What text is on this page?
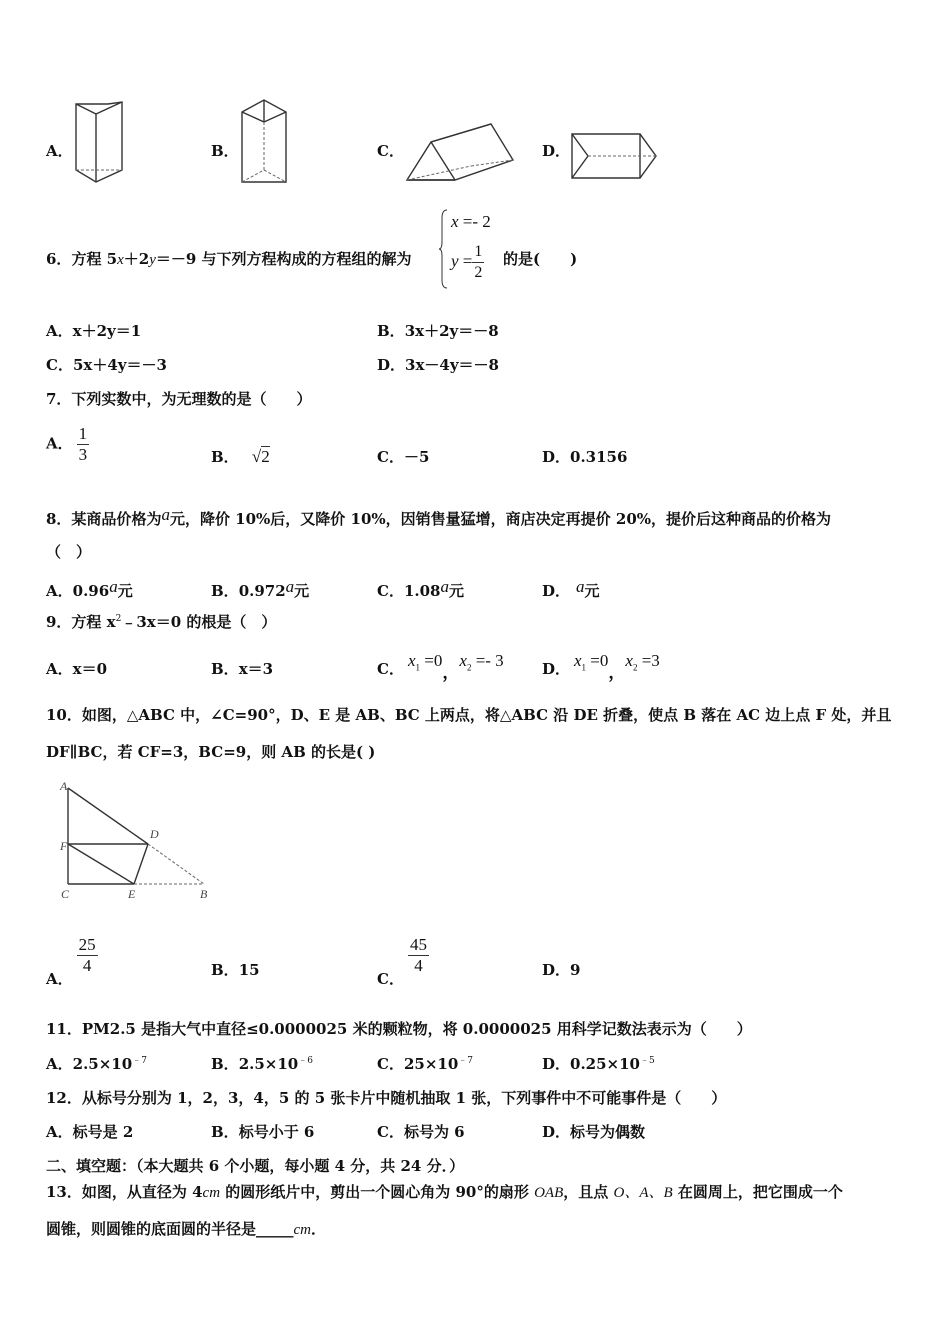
A．	B．	C．	D．
6．方程 5x＋2y＝－9 与下列方程构成的方程组的解为
x =- 2
$y = \frac{1}{2}$ 的是(　　)
A．x＋2y＝1	B．3x＋2y＝－8
C．5x＋4y＝－3	D．3x－4y＝－8
7．下列实数中，为无理数的是（　　）
A． $\frac{1}{3}$	B． √2	C．－5	D．0.3156
8．某商品价格为a元，降价 10%后，又降价 10%，因销售量猛增，商店决定再提价 20%，提价后这种商品的价格为
（　）
A．0.96a元	B．0.972a元	C．1.08a元	D． a元
9．方程 $x^2﹣3x=0$ 的根是（　）
A．x＝0	B．x＝3	C． $x_1 =0$，$x_2 =- 3$	D． $x_1 =0$，$x_2 =3$
10．如图，△ABC 中，∠C=90°，D、E 是 AB、BC 上两点，将△ABC 沿 DE 折叠，使点 B 落在 AC 边上点 F 处，并且
DF∥BC，若 CF=3，BC=9，则 AB 的长是( )
A
F
C	E
D
B
A．
$\frac{25}{4}$	B．15	C．
$\frac{45}{4}$	D．9
11．PM2.5 是指大气中直径≤0.0000025 米的颗粒物，将 0.0000025 用科学记数法表示为（　　）
A．$2.5\times 10^{﹣7}$	B．$2.5\times 10^{﹣6}$	C．$25\times 10^{﹣7}$	D．$0.25\times 10^{﹣5}$
12．从标号分别为 1，2，3，4，5 的 5 张卡片中随机抽取 1 张，下列事件中不可能事件是（　　）
A．标号是 2	B．标号小于 6	C．标号为 6	D．标号为偶数
二、填空题：（本大题共 6 个小题，每小题 4 分，共 24 分．）
13．如图，从直径为 4cm 的圆形纸片中，剪出一个圆心角为 90°的扇形 OAB，且点 O、A、B 在圆周上，把它围成一个
圆锥，则圆锥的底面圆的半径是_____cm．
